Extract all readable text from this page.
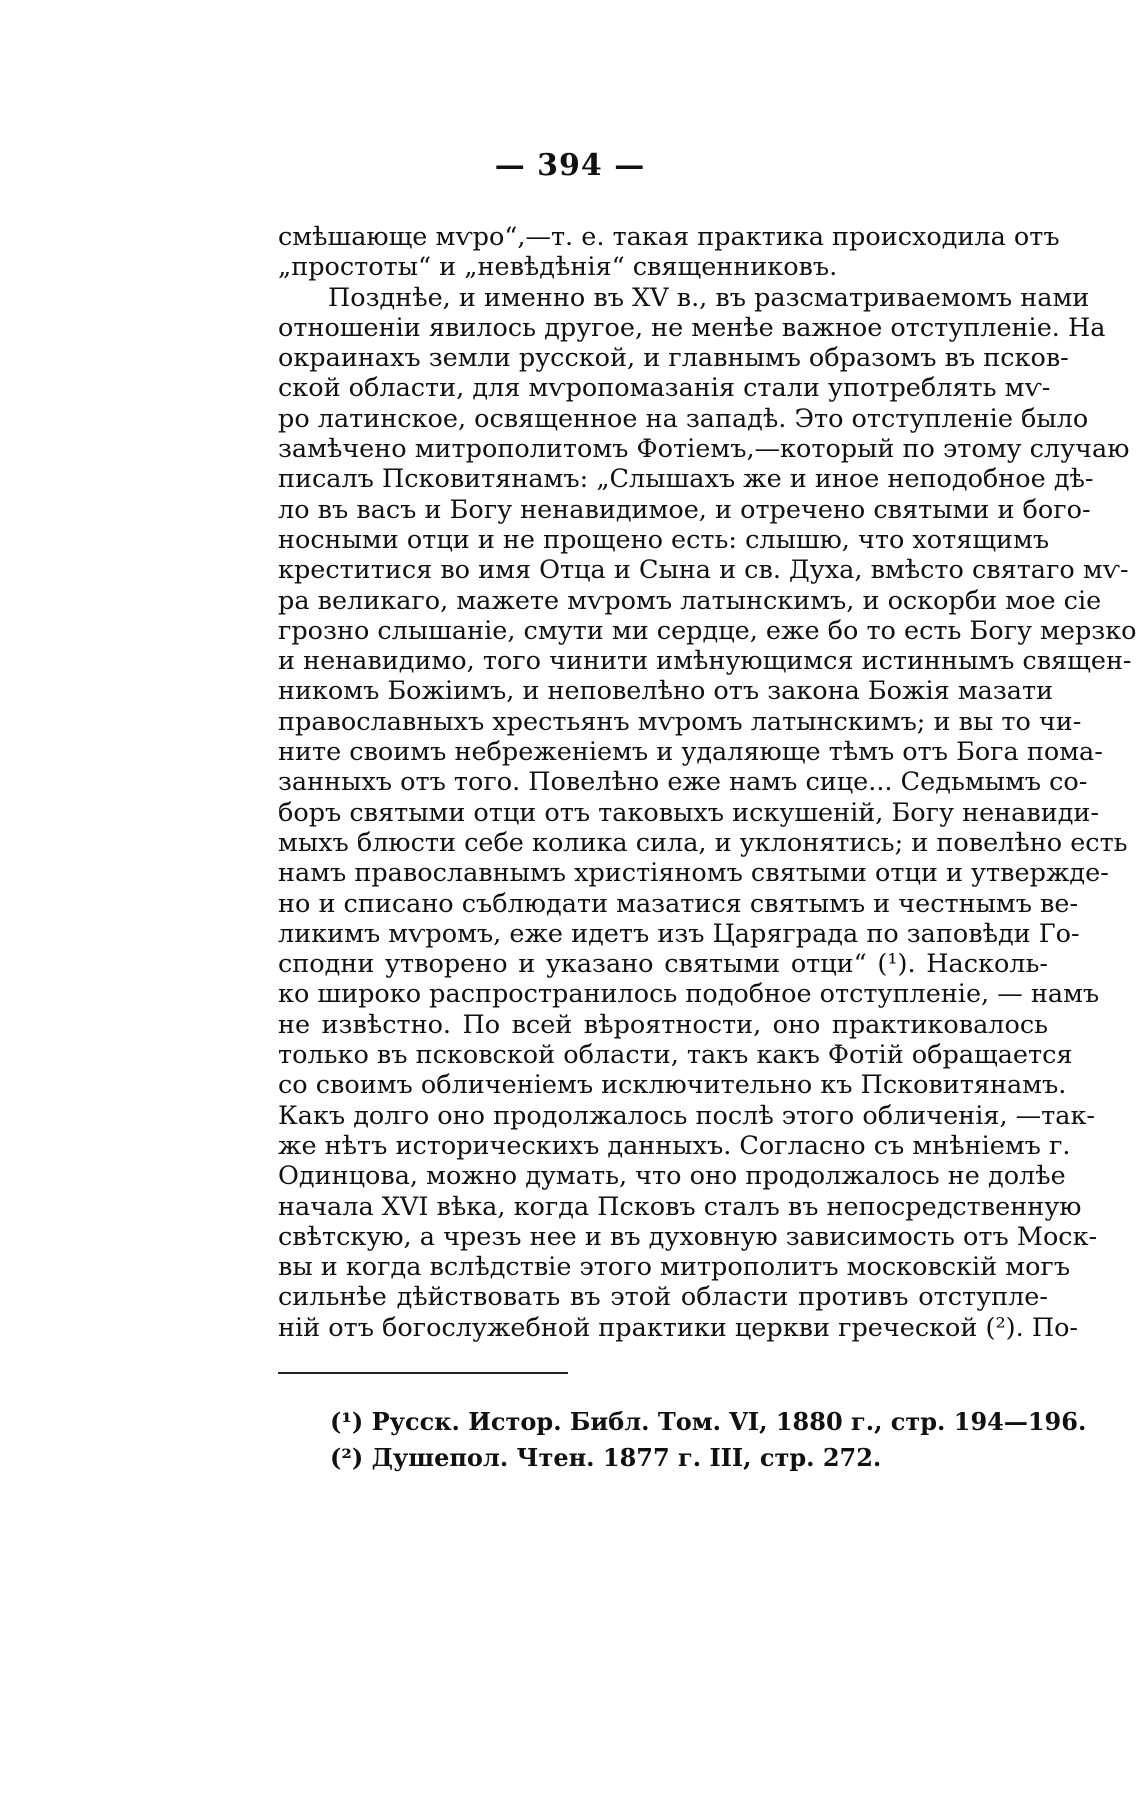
— 394 —
смѣшающе мѵро“,—т. е. такая практика происходила отъ
„простоты“ и „невѣдѣнія“ священниковъ.
Позднѣе, и именно въ XV в., въ разсматриваемомъ нами
отношеніи явилось другое, не менѣе важное отступленіе. На
окраинахъ земли русской, и главнымъ образомъ въ псков-
ской области, для мѵропомазанія стали употреблять мѵ-
ро латинское, освященное на западѣ. Это отступленіе было
замѣчено митрополитомъ Фотіемъ,—который по этому случаю
писалъ Псковитянамъ: „Слышахъ же и иное неподобное дѣ-
ло въ васъ и Богу ненавидимое, и отречено святыми и бого-
носными отци и не прощено есть: слышю, что хотящимъ
креститися во имя Отца и Сына и св. Духа, вмѣсто святаго мѵ-
ра великаго, мажете мѵромъ латынскимъ, и оскорби мое сіе
грозно слышаніе, смути ми сердце, еже бо то есть Богу мерзко
и ненавидимо, того чинити имѣнующимся истиннымъ священ-
никомъ Божіимъ, и неповелѣно отъ закона Божія мазати
православныхъ хрестьянъ мѵромъ латынскимъ; и вы то чи-
ните своимъ небреженіемъ и удаляюще тѣмъ отъ Бога пома-
занныхъ отъ того. Повелѣно еже намъ сице... Седьмымъ со-
боръ святыми отци отъ таковыхъ искушеній, Богу ненавиди-
мыхъ блюсти себе колика сила, и уклонятись; и повелѣно есть
намъ православнымъ христіяномъ святыми отци и утвержде-
но и списано съблюдати мазатися святымъ и честнымъ ве-
ликимъ мѵромъ, еже идетъ изъ Царяграда по заповѣди Го-
сподни утворено и указано святыми отци“ (¹). Насколь-
ко широко распространилось подобное отступленіе, — намъ
не извѣстно. По всей вѣроятности, оно практиковалось
только въ псковской области, такъ какъ Фотій обращается
со своимъ обличеніемъ исключительно къ Псковитянамъ.
Какъ долго оно продолжалось послѣ этого обличенія, —так-
же нѣтъ историческихъ данныхъ. Согласно съ мнѣніемъ г.
Одинцова, можно думать, что оно продолжалось не долѣе
начала XVI вѣка, когда Псковъ сталъ въ непосредственную
свѣтскую, а чрезъ нее и въ духовную зависимость отъ Моск-
вы и когда вслѣдствіе этого митрополитъ московскій могъ
сильнѣе дѣйствовать въ этой области противъ отступле-
ній отъ богослужебной практики церкви греческой (²). По-
(¹) Русск. Истор. Библ. Том. VI, 1880 г., стр. 194—196.
(²) Душепол. Чтен. 1877 г. III, стр. 272.
